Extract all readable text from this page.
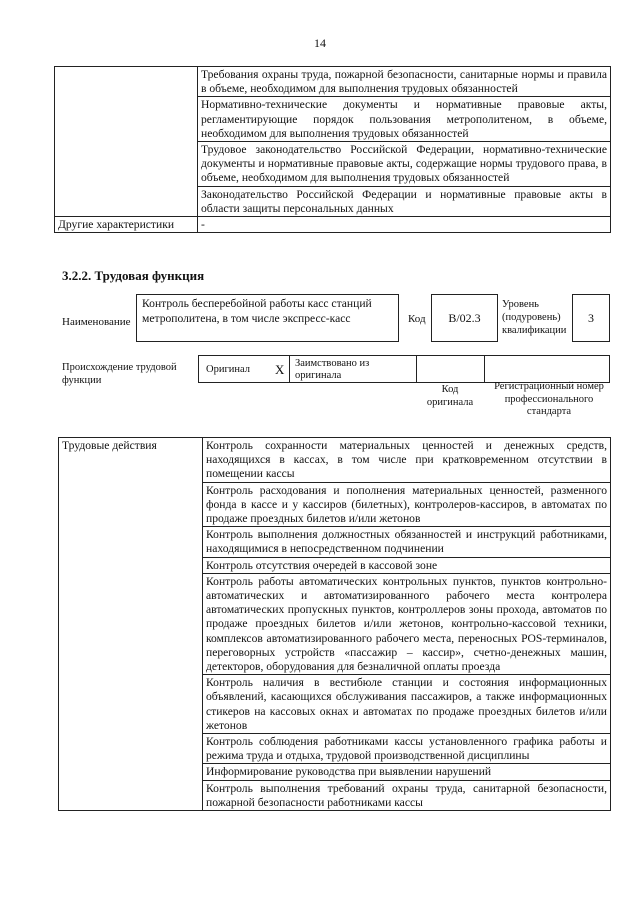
14
	Требования охраны труда, пожарной безопасности, санитарные нормы и правила в объеме, необходимом для выполнения трудовых обязанностей
	Нормативно-технические документы и нормативные правовые акты, регламентирующие порядок пользования метрополитеном, в объеме, необходимом для выполнения трудовых обязанностей
	Трудовое законодательство Российской Федерации, нормативно-технические документы и нормативные правовые акты, содержащие нормы трудового права, в объеме, необходимом для выполнения трудовых обязанностей
	Законодательство Российской Федерации и нормативные правовые акты в области защиты персональных данных
Другие характеристики	-
3.2.2. Трудовая функция
Наименование
Контроль бесперебойной работы касс станций метрополитена, в том числе экспресс-касс	Код	B/02.3
Уровень (подуровень) квалификации
3
Происхождение трудовой функции
Оригинал X Заимствовано из оригинала
Код оригинала
Регистрационный номер профессионального стандарта
Трудовые действия	Контроль сохранности материальных ценностей и денежных средств, находящихся в кассах, в том числе при кратковременном отсутствии в помещении кассы
Контроль расходования и пополнения материальных ценностей, разменного фонда в кассе и у кассиров (билетных), контролеров-кассиров, в автоматах по продаже проездных билетов и/или жетонов
Контроль выполнения должностных обязанностей и инструкций работниками, находящимися в непосредственном подчинении
Контроль отсутствия очередей в кассовой зоне
Контроль работы автоматических контрольных пунктов, пунктов контрольно-автоматических и автоматизированного рабочего места контролера автоматических пропускных пунктов, контроллеров зоны прохода, автоматов по продаже проездных билетов и/или жетонов, контрольно-кассовой техники, комплексов автоматизированного рабочего места, переносных POS-терминалов, переговорных устройств «пассажир – кассир», счетно-денежных машин, детекторов, оборудования для безналичной оплаты проезда
Контроль наличия в вестибюле станции и состояния информационных объявлений, касающихся обслуживания пассажиров, а также информационных стикеров на кассовых окнах и автоматах по продаже проездных билетов и/или жетонов
Контроль соблюдения работниками кассы установленного графика работы и режима труда и отдыха, трудовой производственной дисциплины
Информирование руководства при выявлении нарушений
Контроль выполнения требований охраны труда, санитарной безопасности, пожарной безопасности работниками кассы
